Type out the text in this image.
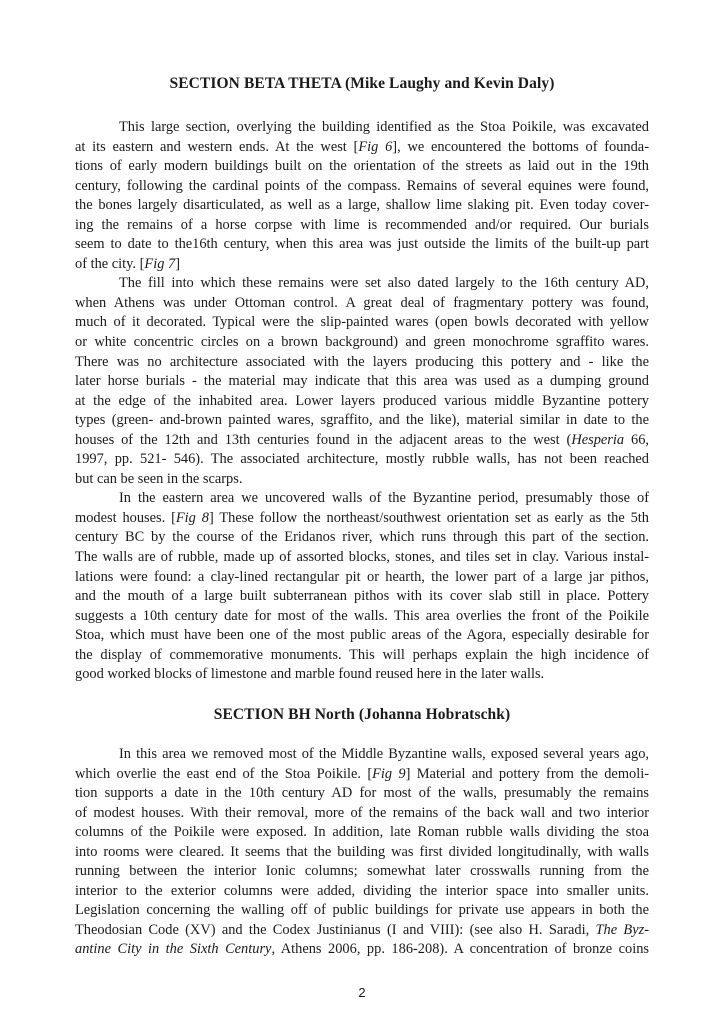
SECTION BETA THETA (Mike Laughy and Kevin Daly)
This large section, overlying the building identified as the Stoa Poikile, was excavated
at its eastern and western ends. At the west [Fig 6], we encountered the bottoms of founda-
tions of early modern buildings built on the orientation of the streets as laid out in the 19th
century, following the cardinal points of the compass. Remains of several equines were found,
the bones largely disarticulated, as well as a large, shallow lime slaking pit. Even today cover-
ing the remains of a horse corpse with lime is recommended and/or required. Our burials
seem to date to the16th century, when this area was just outside the limits of the built-up part
of the city. [Fig 7]
The fill into which these remains were set also dated largely to the 16th century AD,
when Athens was under Ottoman control. A great deal of fragmentary pottery was found,
much of it decorated. Typical were the slip-painted wares (open bowls decorated with yellow
or white concentric circles on a brown background) and green monochrome sgraffito wares.
There was no architecture associated with the layers producing this pottery and - like the
later horse burials - the material may indicate that this area was used as a dumping ground
at the edge of the inhabited area. Lower layers produced various middle Byzantine pottery
types (green- and-brown painted wares, sgraffito, and the like), material similar in date to the
houses of the 12th and 13th centuries found in the adjacent areas to the west (Hesperia 66,
1997, pp. 521- 546). The associated architecture, mostly rubble walls, has not been reached
but can be seen in the scarps.
In the eastern area we uncovered walls of the Byzantine period, presumably those of
modest houses. [Fig 8] These follow the northeast/southwest orientation set as early as the 5th
century BC by the course of the Eridanos river, which runs through this part of the section.
The walls are of rubble, made up of assorted blocks, stones, and tiles set in clay. Various instal-
lations were found: a clay-lined rectangular pit or hearth, the lower part of a large jar pithos,
and the mouth of a large built subterranean pithos with its cover slab still in place. Pottery
suggests a 10th century date for most of the walls. This area overlies the front of the Poikile
Stoa, which must have been one of the most public areas of the Agora, especially desirable for
the display of commemorative monuments. This will perhaps explain the high incidence of
good worked blocks of limestone and marble found reused here in the later walls.
SECTION BH North (Johanna Hobratschk)
In this area we removed most of the Middle Byzantine walls, exposed several years ago,
which overlie the east end of the Stoa Poikile. [Fig 9] Material and pottery from the demoli-
tion supports a date in the 10th century AD for most of the walls, presumably the remains
of modest houses. With their removal, more of the remains of the back wall and two interior
columns of the Poikile were exposed. In addition, late Roman rubble walls dividing the stoa
into rooms were cleared. It seems that the building was first divided longitudinally, with walls
running between the interior Ionic columns; somewhat later crosswalls running from the
interior to the exterior columns were added, dividing the interior space into smaller units.
Legislation concerning the walling off of public buildings for private use appears in both the
Theodosian Code (XV) and the Codex Justinianus (I and VIII): (see also H. Saradi, The Byz-
antine City in the Sixth Century, Athens 2006, pp. 186-208). A concentration of bronze coins
2
